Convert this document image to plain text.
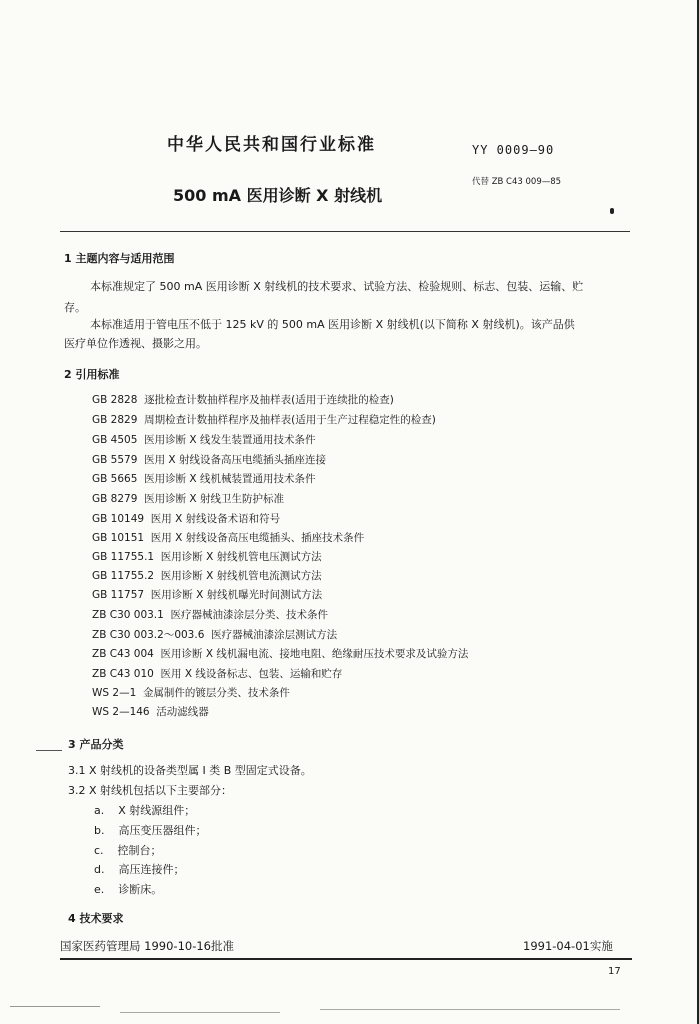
中华人民共和国行业标准	YY 0009—90
代替 ZB C43 009—85
500 mA 医用诊断 X 射线机
1 主题内容与适用范围
本标准规定了 500 mA 医用诊断 X 射线机的技术要求、试验方法、检验规则、标志、包装、运输、贮
存。
本标准适用于管电压不低于 125 kV 的 500 mA 医用诊断 X 射线机(以下简称 X 射线机)。该产品供
医疗单位作透视、摄影之用。
2 引用标准
GB 2828 逐批检查计数抽样程序及抽样表(适用于连续批的检查)
GB 2829 周期检查计数抽样程序及抽样表(适用于生产过程稳定性的检查)
GB 4505 医用诊断 X 线发生装置通用技术条件
GB 5579 医用 X 射线设备高压电缆插头插座连接
GB 5665 医用诊断 X 线机械装置通用技术条件
GB 8279 医用诊断 X 射线卫生防护标准
GB 10149 医用 X 射线设备术语和符号
GB 10151 医用 X 射线设备高压电缆插头、插座技术条件
GB 11755.1 医用诊断 X 射线机管电压测试方法
GB 11755.2 医用诊断 X 射线机管电流测试方法
GB 11757 医用诊断 X 射线机曝光时间测试方法
ZB C30 003.1 医疗器械油漆涂层分类、技术条件
ZB C30 003.2～003.6 医疗器械油漆涂层测试方法
ZB C43 004 医用诊断 X 线机漏电流、接地电阻、绝缘耐压技术要求及试验方法
ZB C43 010 医用 X 线设备标志、包装、运输和贮存
WS 2—1 金属制件的镀层分类、技术条件
WS 2—146 活动滤线器
3 产品分类
3.1 X 射线机的设备类型属 I 类 B 型固定式设备。
3.2 X 射线机包括以下主要部分：
a. X 射线源组件；
b. 高压变压器组件；
c. 控制台；
d. 高压连接件；
e. 诊断床。
4 技术要求
国家医药管理局 1990-10-16批准	1991-04-01实施
17
